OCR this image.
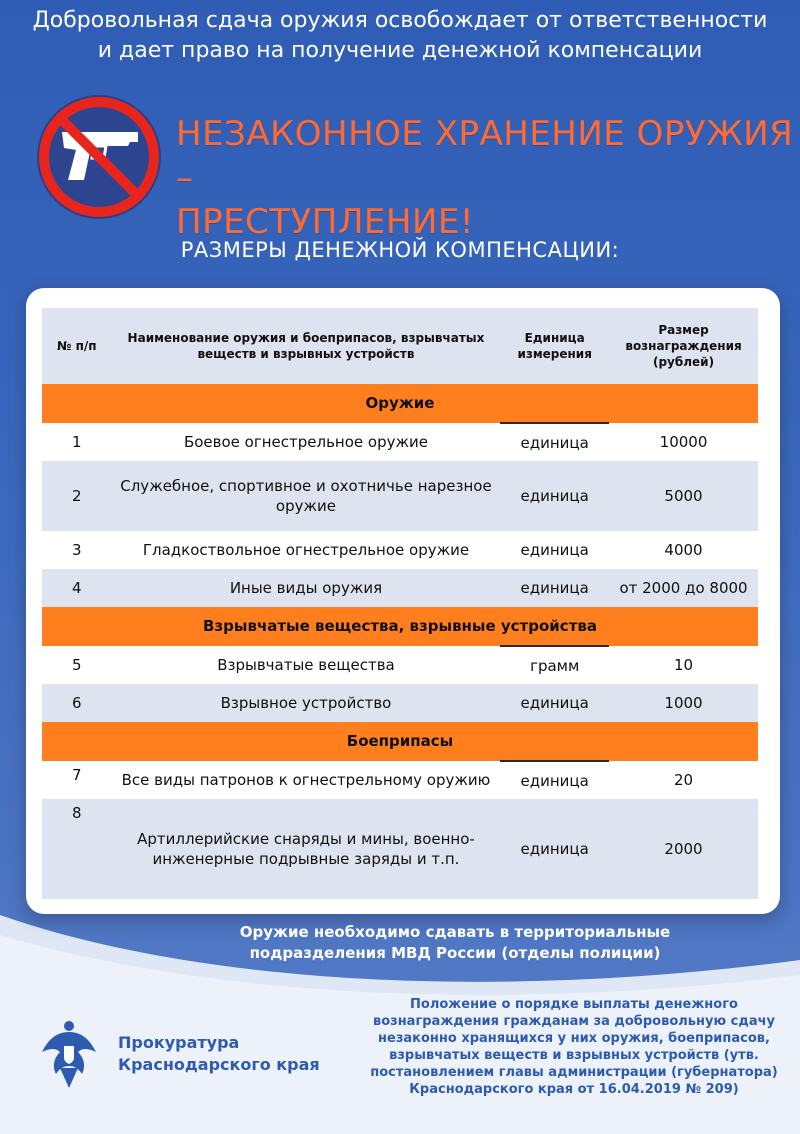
Добровольная сдача оружия освобождает от ответственности
и дает право на получение денежной компенсации
НЕЗАКОННОЕ ХРАНЕНИЕ ОРУЖИЯ –
ПРЕСТУПЛЕНИЕ!
РАЗМЕРЫ ДЕНЕЖНОЙ КОМПЕНСАЦИИ:
№ п/п	Наименование оружия и боеприпасов, взрывчатых веществ и взрывных устройств	Единица измерения	Размер вознаграждения (рублей)
Оружие			
1	Боевое огнестрельное оружие	единица	10000
2	Служебное, спортивное и охотничье нарезное оружие	единица	5000
3	Гладкоствольное огнестрельное оружие	единица	4000
4	Иные виды оружия	единица	от 2000 до 8000
Взрывчатые вещества, взрывные устройства			
5	Взрывчатые вещества	грамм	10
6	Взрывное устройство	единица	1000
Боеприпасы			
7	Все виды патронов к огнестрельному оружию	единица	20
8	Артиллерийские снаряды и мины, военно-инженерные подрывные заряды и т.п.	единица	2000
Оружие необходимо сдавать в территориальные
подразделения МВД России (отделы полиции)
Прокуратура
Краснодарского края
Положение о порядке выплаты денежного вознаграждения гражданам за добровольную сдачу незаконно хранящихся у них оружия, боеприпасов, взрывчатых веществ и взрывных устройств (утв. постановлением главы администрации (губернатора) Краснодарского края от 16.04.2019 № 209)
